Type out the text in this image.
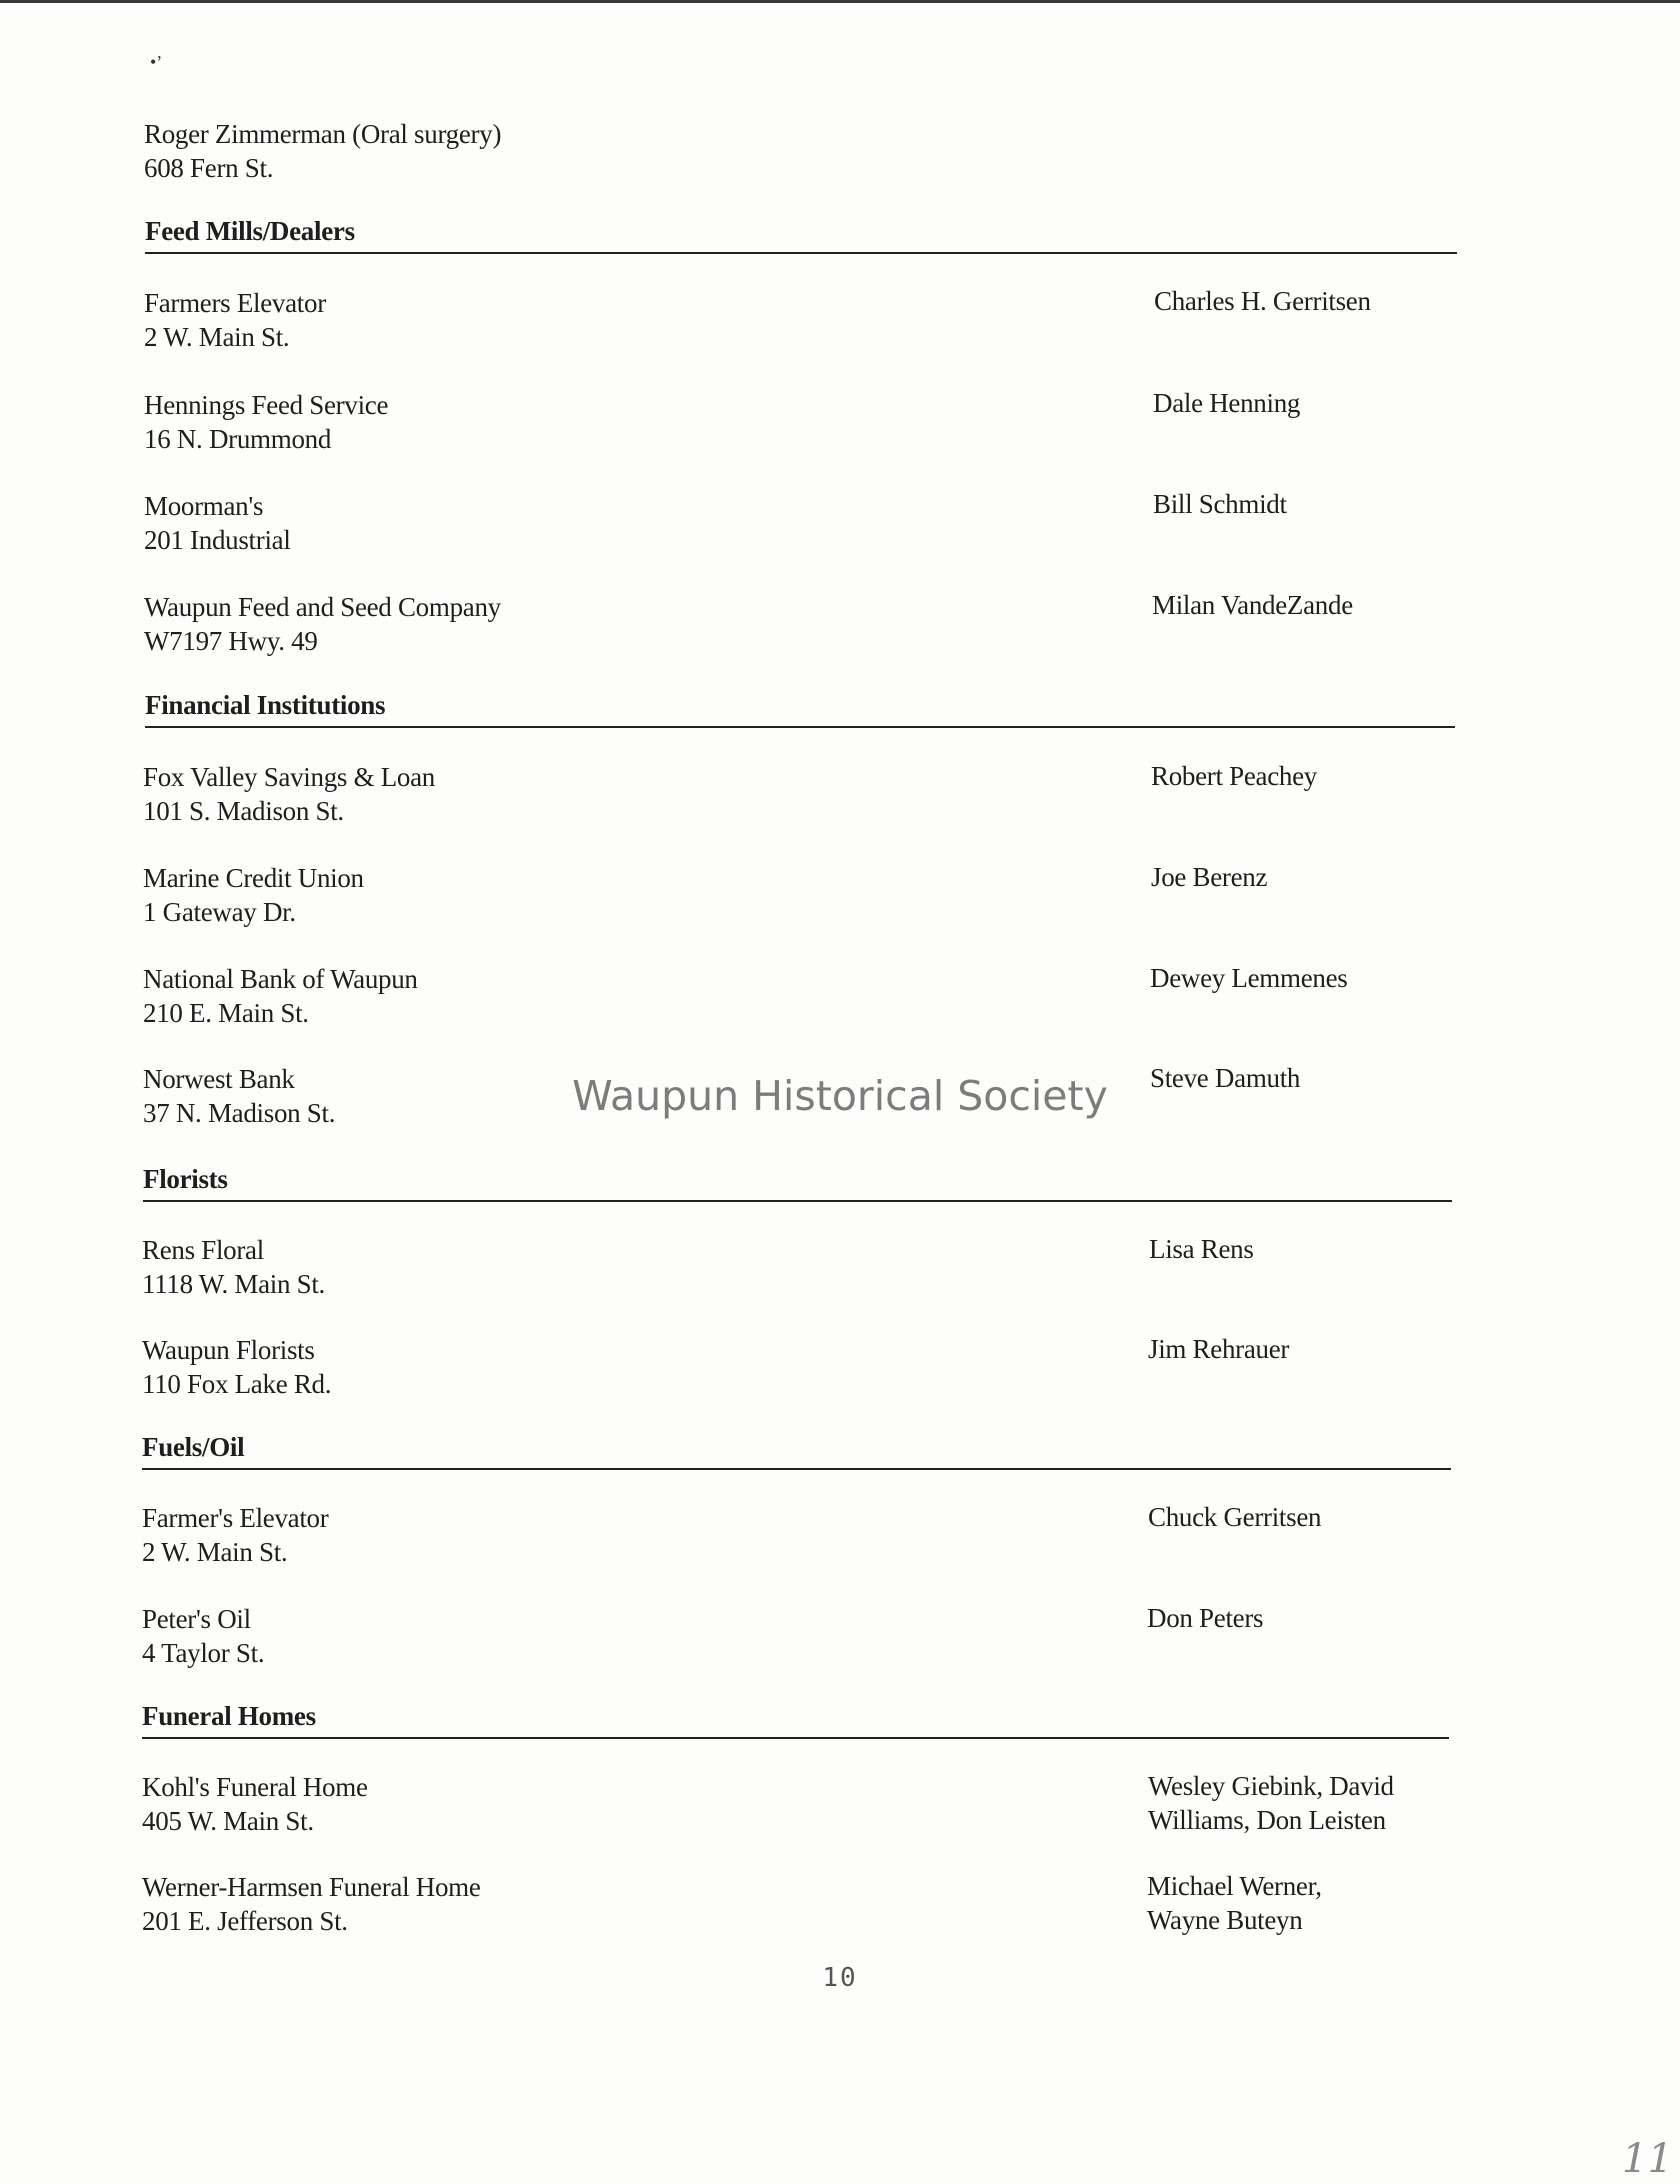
•’
Roger Zimmerman (Oral surgery)
608 Fern St.
Feed Mills/Dealers
Farmers Elevator
2 W. Main St.
Charles H. Gerritsen
Hennings Feed Service
16 N. Drummond
Dale Henning
Moorman's
201 Industrial
Bill Schmidt
Waupun Feed and Seed Company
W7197 Hwy. 49
Milan VandeZande
Financial Institutions
Fox Valley Savings & Loan
101 S. Madison St.
Robert Peachey
Marine Credit Union
1 Gateway Dr.
Joe Berenz
National Bank of Waupun
210 E. Main St.
Dewey Lemmenes
Norwest Bank
37 N. Madison St.
Steve Damuth
Florists
Rens Floral
1118 W. Main St.
Lisa Rens
Waupun Florists
110 Fox Lake Rd.
Jim Rehrauer
Fuels/Oil
Farmer's Elevator
2 W. Main St.
Chuck Gerritsen
Peter's Oil
4 Taylor St.
Don Peters
Funeral Homes
Kohl's Funeral Home
405 W. Main St.
Wesley Giebink, David
Williams, Don Leisten
Werner-Harmsen Funeral Home
201 E. Jefferson St.
Michael Werner,
Wayne Buteyn
Waupun Historical Society
10
11
